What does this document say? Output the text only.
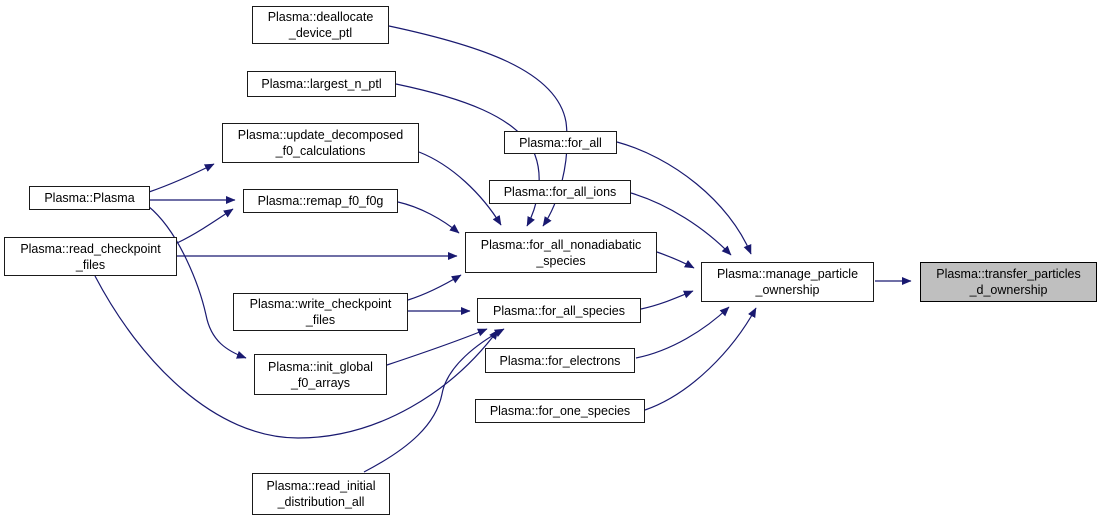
Plasma::deallocate
_device_ptl
Plasma::largest_n_ptl
Plasma::update_decomposed
_f0_calculations
Plasma::Plasma
Plasma::read_checkpoint
_files
Plasma::remap_f0_f0g
Plasma::for_all
Plasma::for_all_ions
Plasma::for_all_nonadiabatic
_species
Plasma::write_checkpoint
_files
Plasma::for_all_species
Plasma::init_global
_f0_arrays
Plasma::for_electrons
Plasma::for_one_species
Plasma::manage_particle
_ownership
Plasma::transfer_particles
_d_ownership
Plasma::read_initial
_distribution_all
